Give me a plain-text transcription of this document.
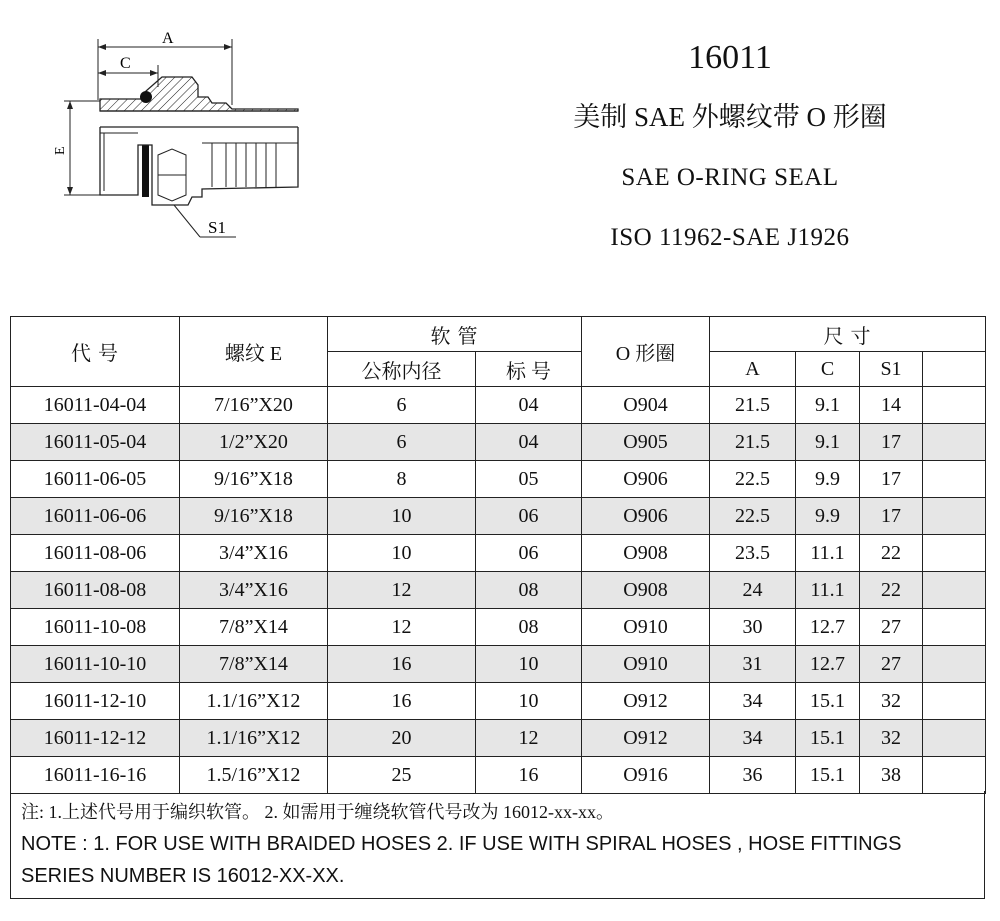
A
C
E
S1
16011
美制 SAE 外螺纹带 O 形圈
SAE O-RING SEAL
ISO 11962-SAE J1926
代 号	螺纹 E	软 管		O 形圈	尺 寸			
		公称内径	标 号		A	C	S1	
16011-04-04	7/16”X20	6	04	O904	21.5	9.1	14	
16011-05-04	1/2”X20	6	04	O905	21.5	9.1	17	
16011-06-05	9/16”X18	8	05	O906	22.5	9.9	17	
16011-06-06	9/16”X18	10	06	O906	22.5	9.9	17	
16011-08-06	3/4”X16	10	06	O908	23.5	11.1	22	
16011-08-08	3/4”X16	12	08	O908	24	11.1	22	
16011-10-08	7/8”X14	12	08	O910	30	12.7	27	
16011-10-10	7/8”X14	16	10	O910	31	12.7	27	
16011-12-10	1.1/16”X12	16	10	O912	34	15.1	32	
16011-12-12	1.1/16”X12	20	12	O912	34	15.1	32	
16011-16-16	1.5/16”X12	25	16	O916	36	15.1	38	
注: 1.上述代号用于编织软管。 2. 如需用于缠绕软管代号改为 16012-xx-xx。
NOTE : 1. FOR USE WITH BRAIDED HOSES 2. IF USE WITH SPIRAL HOSES , HOSE FITTINGS
SERIES NUMBER IS 16012-XX-XX.
